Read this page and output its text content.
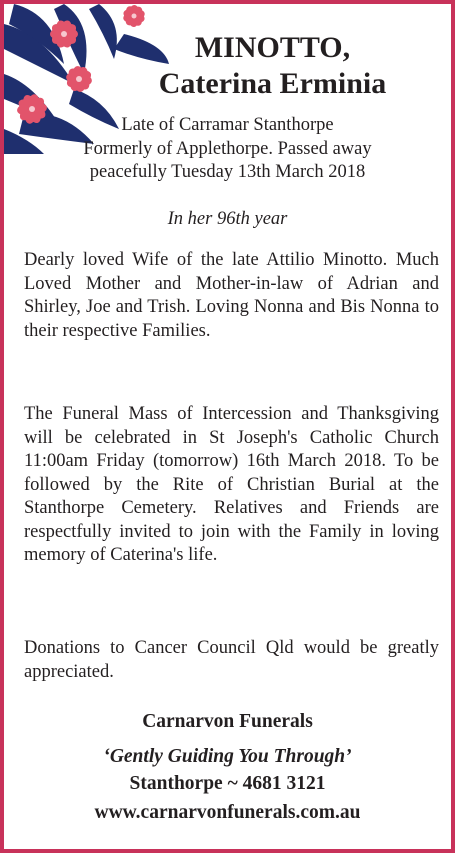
MINOTTO,
Caterina Erminia
Late of Carramar Stanthorpe
Formerly of Applethorpe. Passed away
peacefully Tuesday 13th March 2018
In her 96th year

Dearly loved Wife of the late Attilio Minotto. Much Loved Mother and Mother-in-law of Adrian and Shirley, Joe and Trish. Loving Nonna and Bis Nonna to their respective Families.

The Funeral Mass of Intercession and Thanksgiving will be celebrated in St Joseph's Catholic Church 11:00am Friday (tomorrow) 16th March 2018. To be followed by the Rite of Christian Burial at the Stanthorpe Cemetery. Relatives and Friends are respectfully invited to join with the Family in loving memory of Caterina's life.

Donations to Cancer Council Qld would be greatly appreciated.

Carnarvon Funerals
‘Gently Guiding You Through’
Stanthorpe ~ 4681 3121
www.carnarvonfunerals.com.au
